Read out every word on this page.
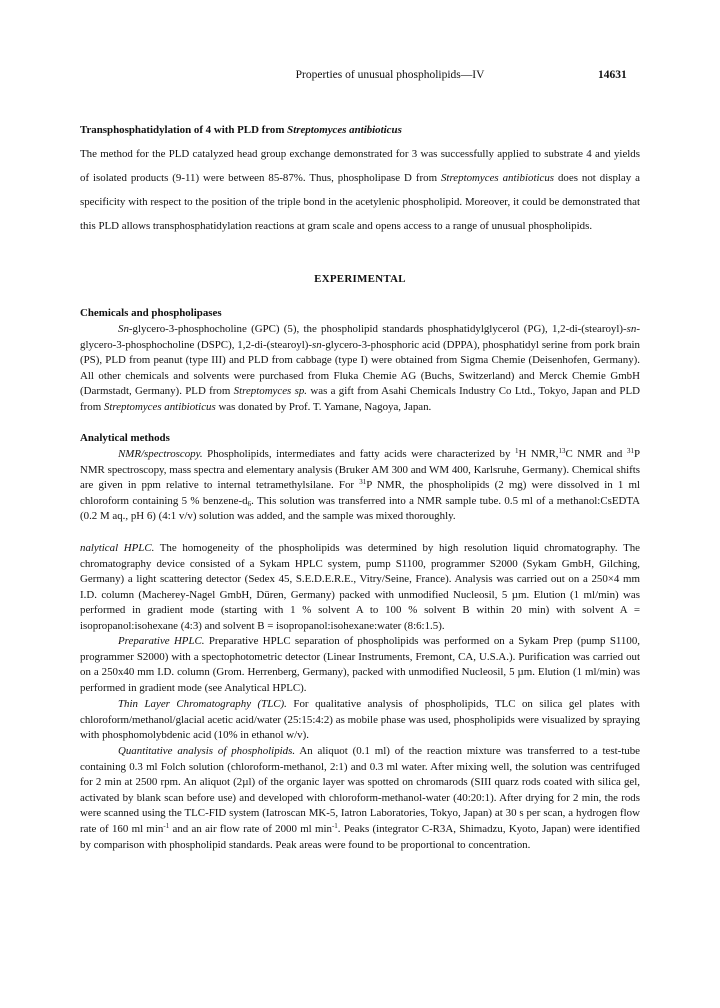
Properties of unusual phospholipids—IV	14631
Transphosphatidylation of 4 with PLD from Streptomyces antibioticus
The method for the PLD catalyzed head group exchange demonstrated for 3 was successfully applied to substrate 4 and yields of isolated products (9-11) were between 85-87%. Thus, phospholipase D from Streptomyces antibioticus does not display a specificity with respect to the position of the triple bond in the acetylenic phospholipid. Moreover, it could be demonstrated that this PLD allows transphosphatidylation reactions at gram scale and opens access to a range of unusual phospholipids.
EXPERIMENTAL
Chemicals and phospholipases
Sn-glycero-3-phosphocholine (GPC) (5), the phospholipid standards phosphatidylglycerol (PG), 1,2-di-(stearoyl)-sn-glycero-3-phosphocholine (DSPC), 1,2-di-(stearoyl)-sn-glycero-3-phosphoric acid (DPPA), phosphatidyl serine from pork brain (PS), PLD from peanut (type III) and PLD from cabbage (type I) were obtained from Sigma Chemie (Deisenhofen, Germany). All other chemicals and solvents were purchased from Fluka Chemie AG (Buchs, Switzerland) and Merck Chemie GmbH (Darmstadt, Germany). PLD from Streptomyces sp. was a gift from Asahi Chemicals Industry Co Ltd., Tokyo, Japan and PLD from Streptomyces antibioticus was donated by Prof. T. Yamane, Nagoya, Japan.
Analytical methods
NMR/spectroscopy. Phospholipids, intermediates and fatty acids were characterized by $^1$H NMR,$^{13}$C NMR and $^{31}$P NMR spectroscopy, mass spectra and elementary analysis (Bruker AM 300 and WM 400, Karlsruhe, Germany). Chemical shifts are given in ppm relative to internal tetramethylsilane. For $^{31}$P NMR, the phospholipids (2 mg) were dissolved in 1 ml chloroform containing 5 % benzene-$d_6$. This solution was transferred into a NMR sample tube. 0.5 ml of a methanol:CsEDTA (0.2 M aq., pH 6) (4:1 v/v) solution was added, and the sample was mixed thoroughly.
nalytical HPLC. The homogeneity of the phospholipids was determined by high resolution liquid chromatography. The chromatography device consisted of a Sykam HPLC system, pump S1100, programmer S2000 (Sykam GmbH, Gilching, Germany) a light scattering detector (Sedex 45, S.E.D.E.R.E., Vitry/Seine, France). Analysis was carried out on a 250×4 mm I.D. column (Macherey-Nagel GmbH, Düren, Germany) packed with unmodified Nucleosil, 5 µm. Elution (1 ml/min) was performed in gradient mode (starting with 1 % solvent A to 100 % solvent B within 20 min) with solvent A = isopropanol:isohexane (4:3) and solvent B = isopropanol:isohexane:water (8:6:1.5).
Preparative HPLC. Preparative HPLC separation of phospholipids was performed on a Sykam Prep (pump S1100, programmer S2000) with a spectophotometric detector (Linear Instruments, Fremont, CA, U.S.A.). Purification was carried out on a 250x40 mm I.D. column (Grom. Herrenberg, Germany), packed with unmodified Nucleosil, 5 µm. Elution (1 ml/min) was performed in gradient mode (see Analytical HPLC).
Thin Layer Chromatography (TLC). For qualitative analysis of phospholipids, TLC on silica gel plates with chloroform/methanol/glacial acetic acid/water (25:15:4:2) as mobile phase was used, phospholipids were visualized by spraying with phosphomolybdenic acid (10% in ethanol w/v).
Quantitative analysis of phospholipids. An aliquot (0.1 ml) of the reaction mixture was transferred to a test-tube containing 0.3 ml Folch solution (chloroform-methanol, 2:1) and 0.3 ml water. After mixing well, the solution was centrifuged for 2 min at 2500 rpm. An aliquot (2µl) of the organic layer was spotted on chromarods (SIII quarz rods coated with silica gel, activated by blank scan before use) and developed with chloroform-methanol-water (40:20:1). After drying for 2 min, the rods were scanned using the TLC-FID system (Iatroscan MK-5, Iatron Laboratories, Tokyo, Japan) at 30 s per scan, a hydrogen flow rate of 160 ml $\min^{-1}$ and an air flow rate of 2000 ml $\min^{-1}$. Peaks (integrator C-R3A, Shimadzu, Kyoto, Japan) were identified by comparison with phospholipid standards. Peak areas were found to be proportional to concentration.
